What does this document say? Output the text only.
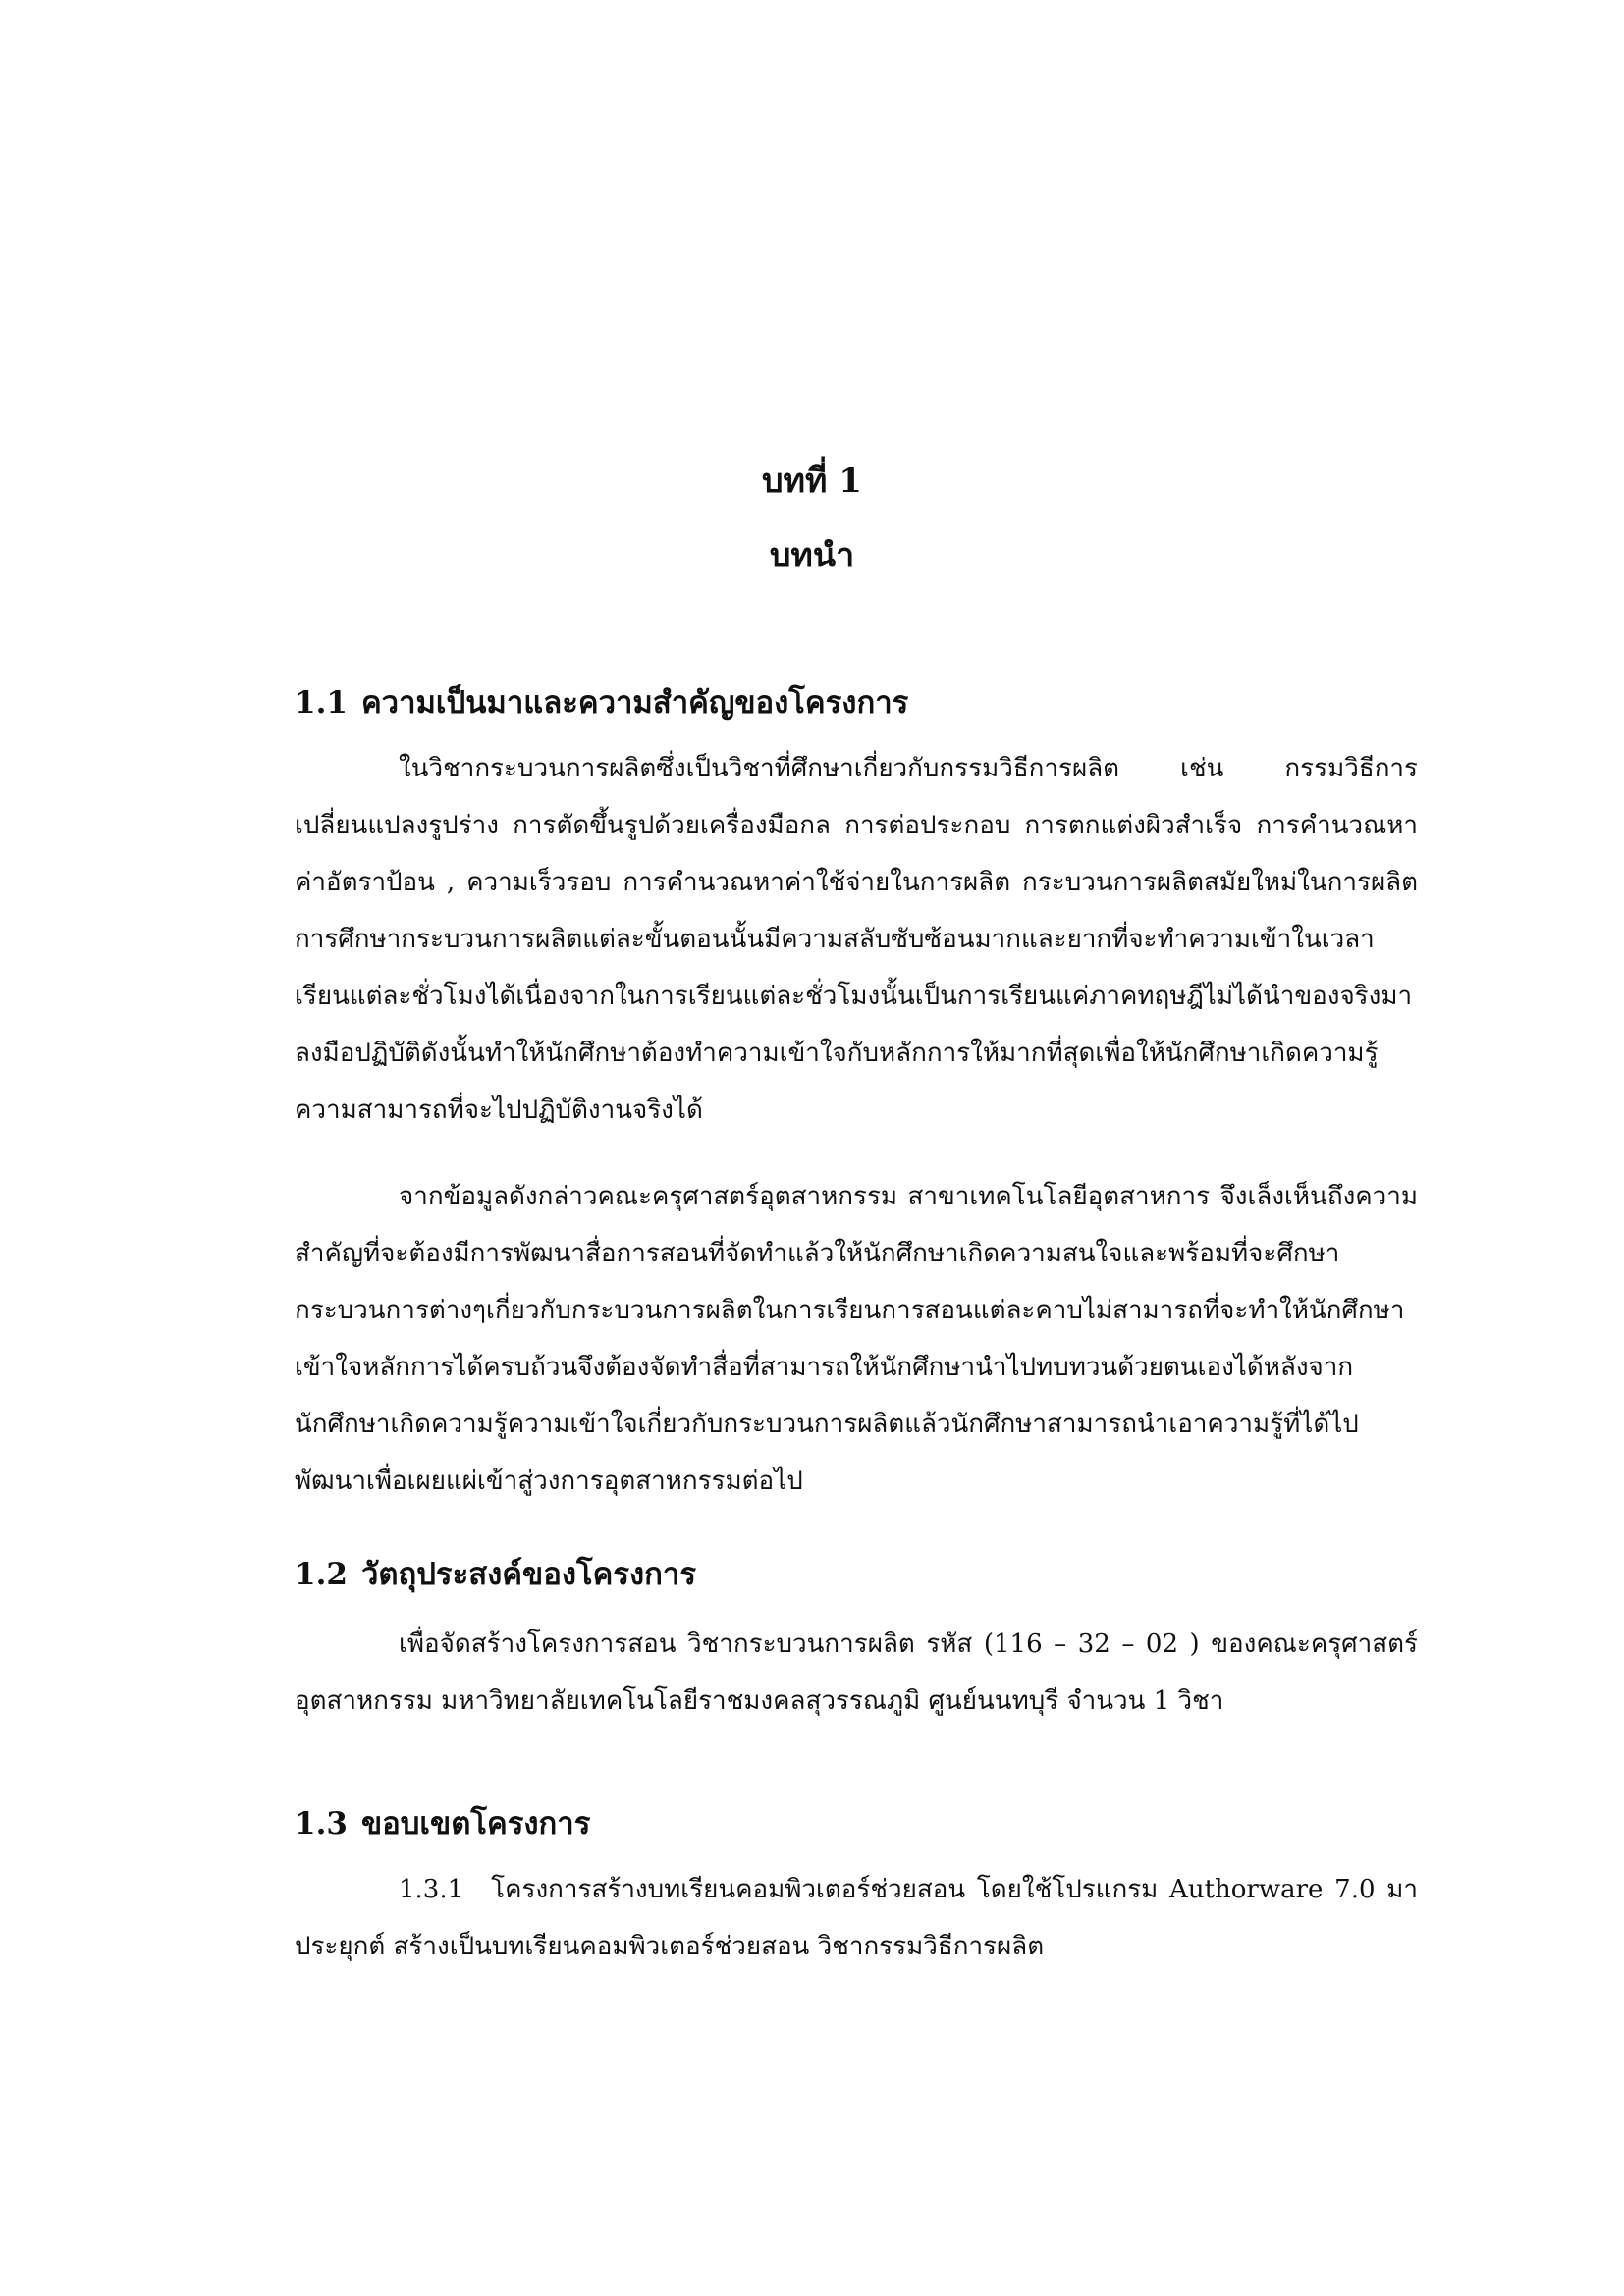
บทที่ 1
บทนำ
1.1 ความเป็นมาและความสำคัญของโครงการ

ในวิชากระบวนการผลิตซึ่งเป็นวิชาที่ศึกษาเกี่ยวกับกรรมวิธีการผลิต เช่น กรรมวิธีการเปลี่ยนแปลงรูปร่าง การตัดขึ้นรูปด้วยเครื่องมือกล การต่อประกอบ การตกแต่งผิวสำเร็จ การคำนวณหาค่าอัตราป้อน , ความเร็วรอบ การคำนวณหาค่าใช้จ่ายในการผลิต กระบวนการผลิตสมัยใหม่ในการผลิต การศึกษากระบวนการผลิตแต่ละขั้นตอนนั้นมีความสลับซับซ้อนมากและยากที่จะทำความเข้าในเวลาเรียนแต่ละชั่วโมงได้เนื่องจากในการเรียนแต่ละชั่วโมงนั้นเป็นการเรียนแค่ภาคทฤษฎีไม่ได้นำของจริงมาลงมือปฏิบัติดังนั้นทำให้นักศึกษาต้องทำความเข้าใจกับหลักการให้มากที่สุดเพื่อให้นักศึกษาเกิดความรู้ความสามารถที่จะไปปฏิบัติงานจริงได้

จากข้อมูลดังกล่าวคณะครุศาสตร์อุตสาหกรรม สาขาเทคโนโลยีอุตสาหการ จึงเล็งเห็นถึงความสำคัญที่จะต้องมีการพัฒนาสื่อการสอนที่จัดทำแล้วให้นักศึกษาเกิดความสนใจและพร้อมที่จะศึกษากระบวนการต่างๆเกี่ยวกับกระบวนการผลิตในการเรียนการสอนแต่ละคาบไม่สามารถที่จะทำให้นักศึกษาเข้าใจหลักการได้ครบถ้วนจึงต้องจัดทำสื่อที่สามารถให้นักศึกษานำไปทบทวนด้วยตนเองได้หลังจากนักศึกษาเกิดความรู้ความเข้าใจเกี่ยวกับกระบวนการผลิตแล้วนักศึกษาสามารถนำเอาความรู้ที่ได้ไปพัฒนาเพื่อเผยแผ่เข้าสู่วงการอุตสาหกรรมต่อไป

1.2 วัตถุประสงค์ของโครงการ

เพื่อจัดสร้างโครงการสอน วิชากระบวนการผลิต รหัส (116 – 32 – 02 ) ของคณะครุศาสตร์อุตสาหกรรม มหาวิทยาลัยเทคโนโลยีราชมงคลสุวรรณภูมิ ศูนย์นนทบุรี จำนวน 1 วิชา

1.3 ขอบเขตโครงการ

1.3.1 โครงการสร้างบทเรียนคอมพิวเตอร์ช่วยสอน โดยใช้โปรแกรม Authorware 7.0 มาประยุกต์ สร้างเป็นบทเรียนคอมพิวเตอร์ช่วยสอน วิชากรรมวิธีการผลิต
